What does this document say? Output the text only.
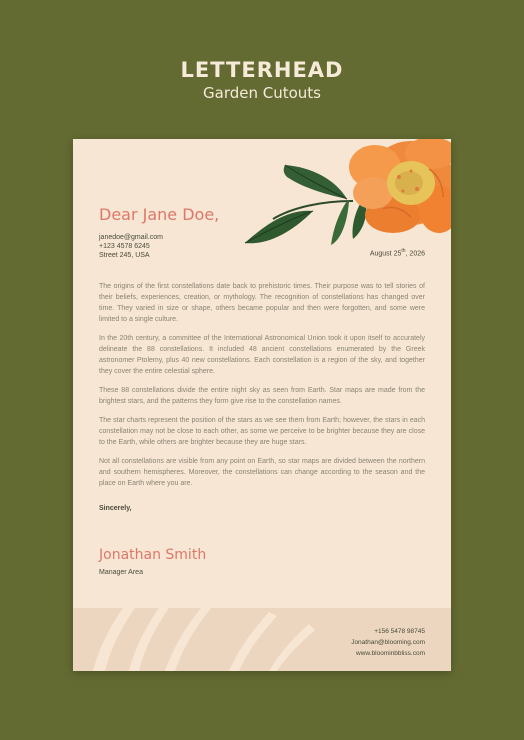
LETTERHEAD
Garden Cutouts
Dear Jane Doe,
janedoe@gmail.com
+123 4578 6245
Street 245, USA	August 25th, 2026

The origins of the first constellations date back to prehistoric times. Their purpose was to tell stories of their beliefs, experiences, creation, or mythology. The recognition of constellations has changed over time. They varied in size or shape, others became popular and then were forgotten, and some were limited to a single culture.

In the 20th century, a committee of the International Astronomical Union took it upon itself to accurately delineate the 88 constellations. It included 48 ancient constellations enumerated by the Greek astronomer Ptolemy, plus 40 new constellations. Each constellation is a region of the sky, and together they cover the entire celestial sphere.

These 88 constellations divide the entire night sky as seen from Earth. Star maps are made from the brightest stars, and the patterns they form give rise to the constellation names.

The star charts represent the position of the stars as we see them from Earth; however, the stars in each constellation may not be close to each other, as some we perceive to be brighter because they are close to the Earth, while others are brighter because they are huge stars.

Not all constellations are visible from any point on Earth, so star maps are divided between the northern and southern hemispheres. Moreover, the constellations can change according to the season and the place on Earth where you are.

Sincerely,
Jonathan Smith
Manager Area
+156 5478 98745
Jonathan@blooming.com
www.bloominbbliss.com
